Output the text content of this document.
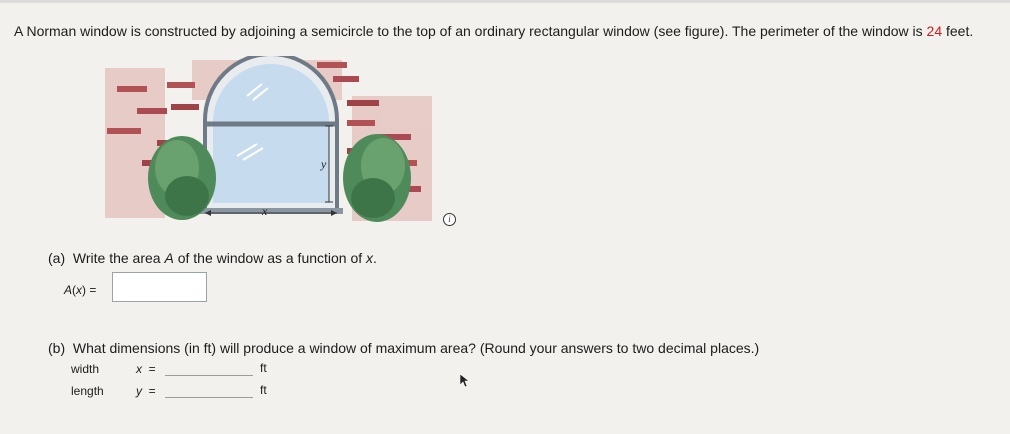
A Norman window is constructed by adjoining a semicircle to the top of an ordinary rectangular window (see figure). The perimeter of the window is 24 feet.
y
x
i
(a) Write the area A of the window as a function of x.
A(x) =
(b) What dimensions (in ft) will produce a window of maximum area? (Round your answers to two decimal places.)
width	x =	ft
length	y =	ft
